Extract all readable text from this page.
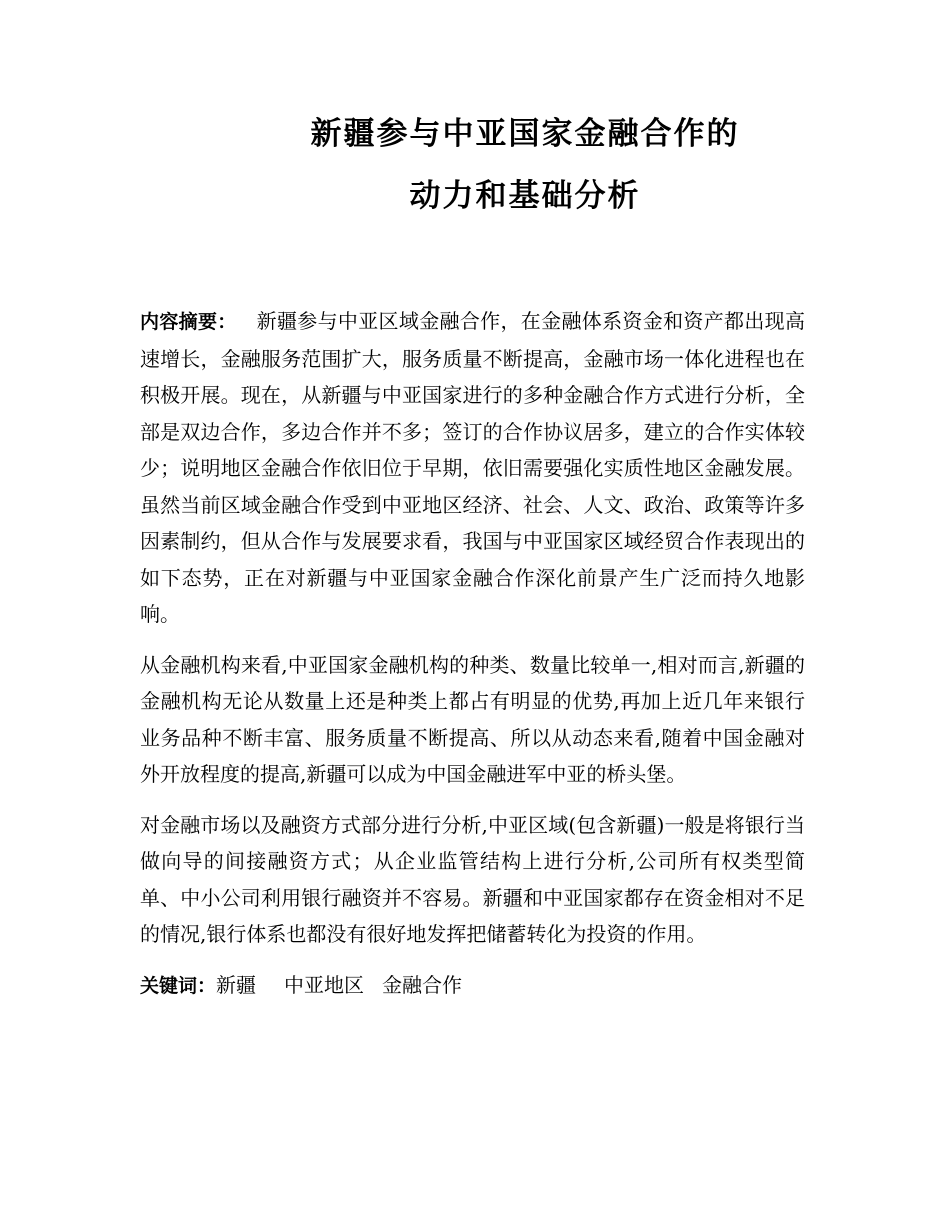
新疆参与中亚国家金融合作的
动力和基础分析

内容摘要： 新疆参与中亚区域金融合作，在金融体系资金和资产都出现高速增长，金融服务范围扩大，服务质量不断提高，金融市场一体化进程也在积极开展。现在，从新疆与中亚国家进行的多种金融合作方式进行分析，全部是双边合作，多边合作并不多；签订的合作协议居多，建立的合作实体较少；说明地区金融合作依旧位于早期，依旧需要强化实质性地区金融发展。虽然当前区域金融合作受到中亚地区经济、社会、人文、政治、政策等许多因素制约，但从合作与发展要求看，我国与中亚国家区域经贸合作表现出的如下态势，正在对新疆与中亚国家金融合作深化前景产生广泛而持久地影响。

从金融机构来看,中亚国家金融机构的种类、数量比较单一,相对而言,新疆的金融机构无论从数量上还是种类上都占有明显的优势,再加上近几年来银行业务品种不断丰富、服务质量不断提高、所以从动态来看,随着中国金融对外开放程度的提高,新疆可以成为中国金融进军中亚的桥头堡。

对金融市场以及融资方式部分进行分析,中亚区域(包含新疆)一般是将银行当做向导的间接融资方式；从企业监管结构上进行分析,公司所有权类型简单、中小公司利用银行融资并不容易。新疆和中亚国家都存在资金相对不足的情况,银行体系也都没有很好地发挥把储蓄转化为投资的作用。

关键词：新疆 中亚地区 金融合作
